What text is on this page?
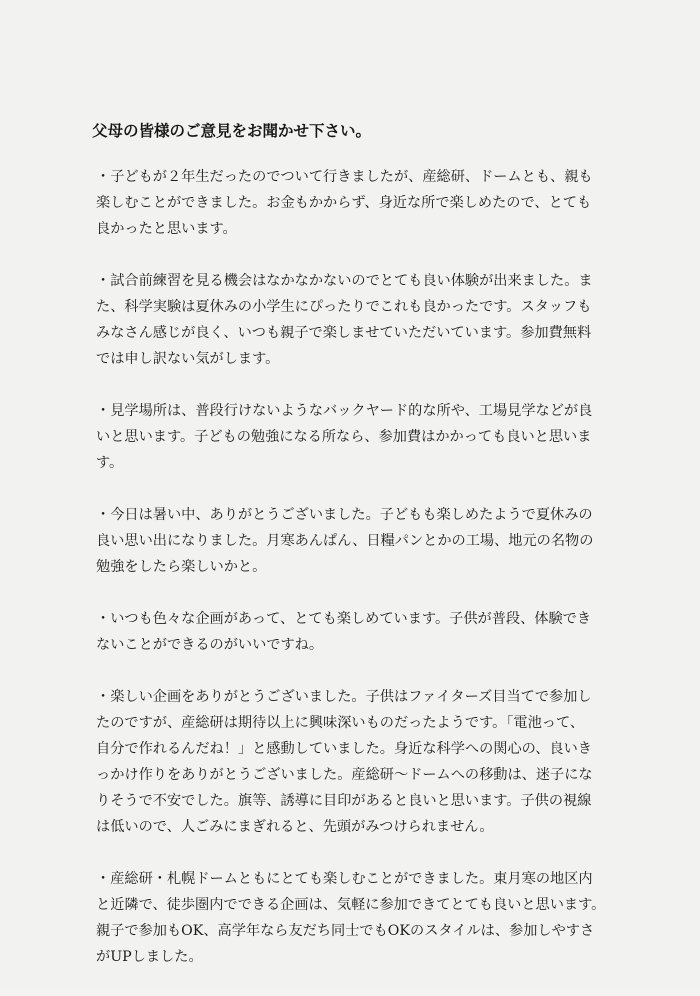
父母の皆様のご意見をお聞かせ下さい。
・子どもが２年生だったのでついて行きましたが、産総研、ドームとも、親も
楽しむことができました。お金もかからず、身近な所で楽しめたので、とても
良かったと思います。
・試合前練習を見る機会はなかなかないのでとても良い体験が出来ました。ま
た、科学実験は夏休みの小学生にぴったりでこれも良かったです。スタッフも
みなさん感じが良く、いつも親子で楽しませていただいています。参加費無料
では申し訳ない気がします。
・見学場所は、普段行けないようなバックヤード的な所や、工場見学などが良
いと思います。子どもの勉強になる所なら、参加費はかかっても良いと思いま
す。
・今日は暑い中、ありがとうございました。子どもも楽しめたようで夏休みの
良い思い出になりました。月寒あんぱん、日糧パンとかの工場、地元の名物の
勉強をしたら楽しいかと。
・いつも色々な企画があって、とても楽しめています。子供が普段、体験でき
ないことができるのがいいですね。
・楽しい企画をありがとうございました。子供はファイターズ目当てで参加し
たのですが、産総研は期待以上に興味深いものだったようです。「電池って、
自分で作れるんだね！」と感動していました。身近な科学への関心の、良いき
っかけ作りをありがとうございました。産総研～ドームへの移動は、迷子にな
りそうで不安でした。旗等、誘導に目印があると良いと思います。子供の視線
は低いので、人ごみにまぎれると、先頭がみつけられません。
・産総研・札幌ドームともにとても楽しむことができました。東月寒の地区内
と近隣で、徒歩圏内でできる企画は、気軽に参加できてとても良いと思います。
親子で参加もOK、高学年なら友だち同士でもOKのスタイルは、参加しやすさ
がUPしました。
